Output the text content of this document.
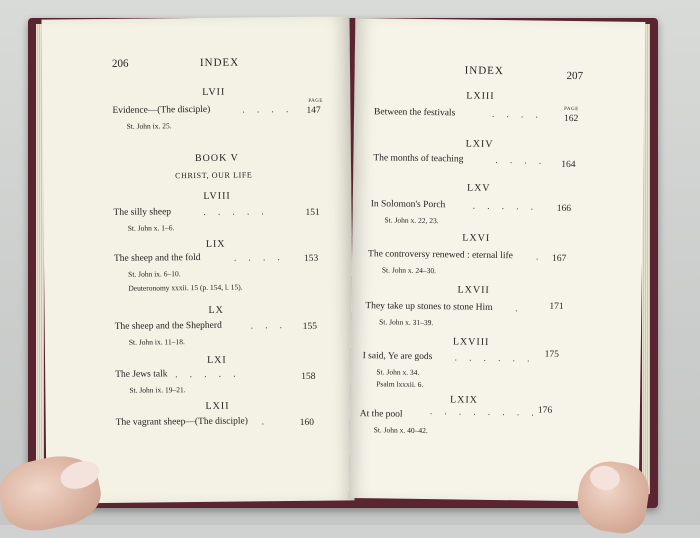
206	INDEX
LVII
PAGE
Evidence—(The disciple)	. . . . 147
St. John ix. 25.
BOOK V
CHRIST, OUR LIFE
LVIII
The silly sheep	. . . . .	151
St. John x. 1–6.
LIX
The sheep and the fold	. . . . 153
St. John ix. 6–10.
Deuteronomy xxxii. 15 (p. 154, l. 15).
LX
The sheep and the Shepherd	. . . 155
St. John ix. 11–18.
LXI
The Jews talk . . . . .	158
St. John ix. 19–21.
LXII
The vagrant sheep—(The disciple) .	160
INDEX	207
LXIII
PAGE
Between the festivals	. . . . 162
LXIV
The months of teaching	. . . . 164
LXV
In Solomon's Porch	. . . . . 166
St. John x. 22, 23.
LXVI
The controversy renewed : eternal life	. 167
St. John x. 24–30.
LXVII
They take up stones to stone Him	.	171
St. John x. 31–39.
LXVIII
I said, Ye are gods . . . . . . 175
St. John x. 34.
Psalm lxxxii. 6.
LXIX
At the pool	. . . . . . . . 176
St. John x. 40–42.
